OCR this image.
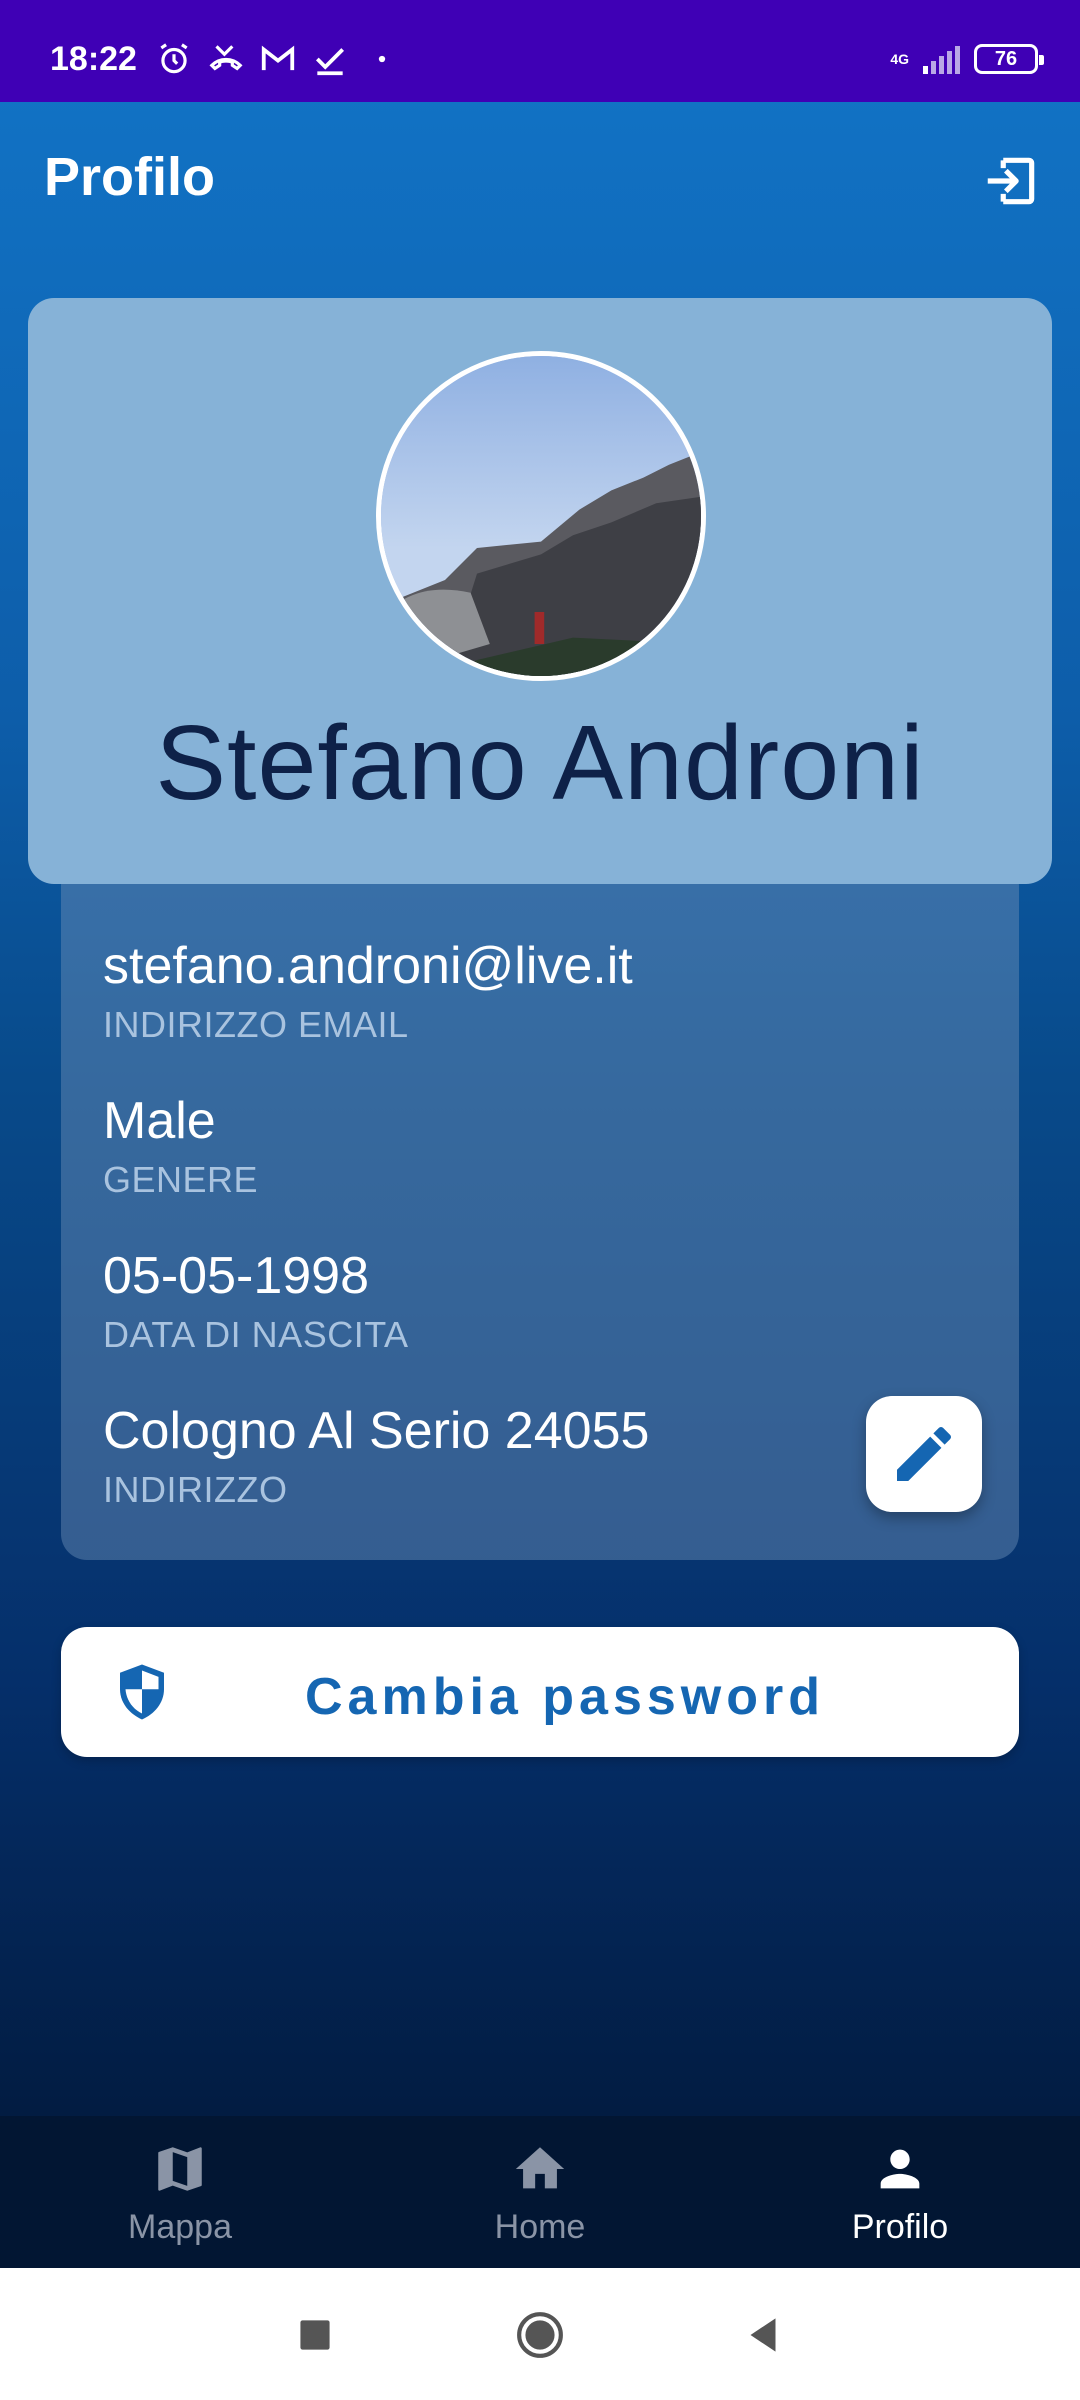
18:22	4G	76
Profilo
Stefano Androni
stefano.androni@live.it
INDIRIZZO EMAIL
Male
GENERE
05-05-1998
DATA DI NASCITA
Cologno Al Serio 24055
INDIRIZZO
Cambia password
Mappa	Home	Profilo
